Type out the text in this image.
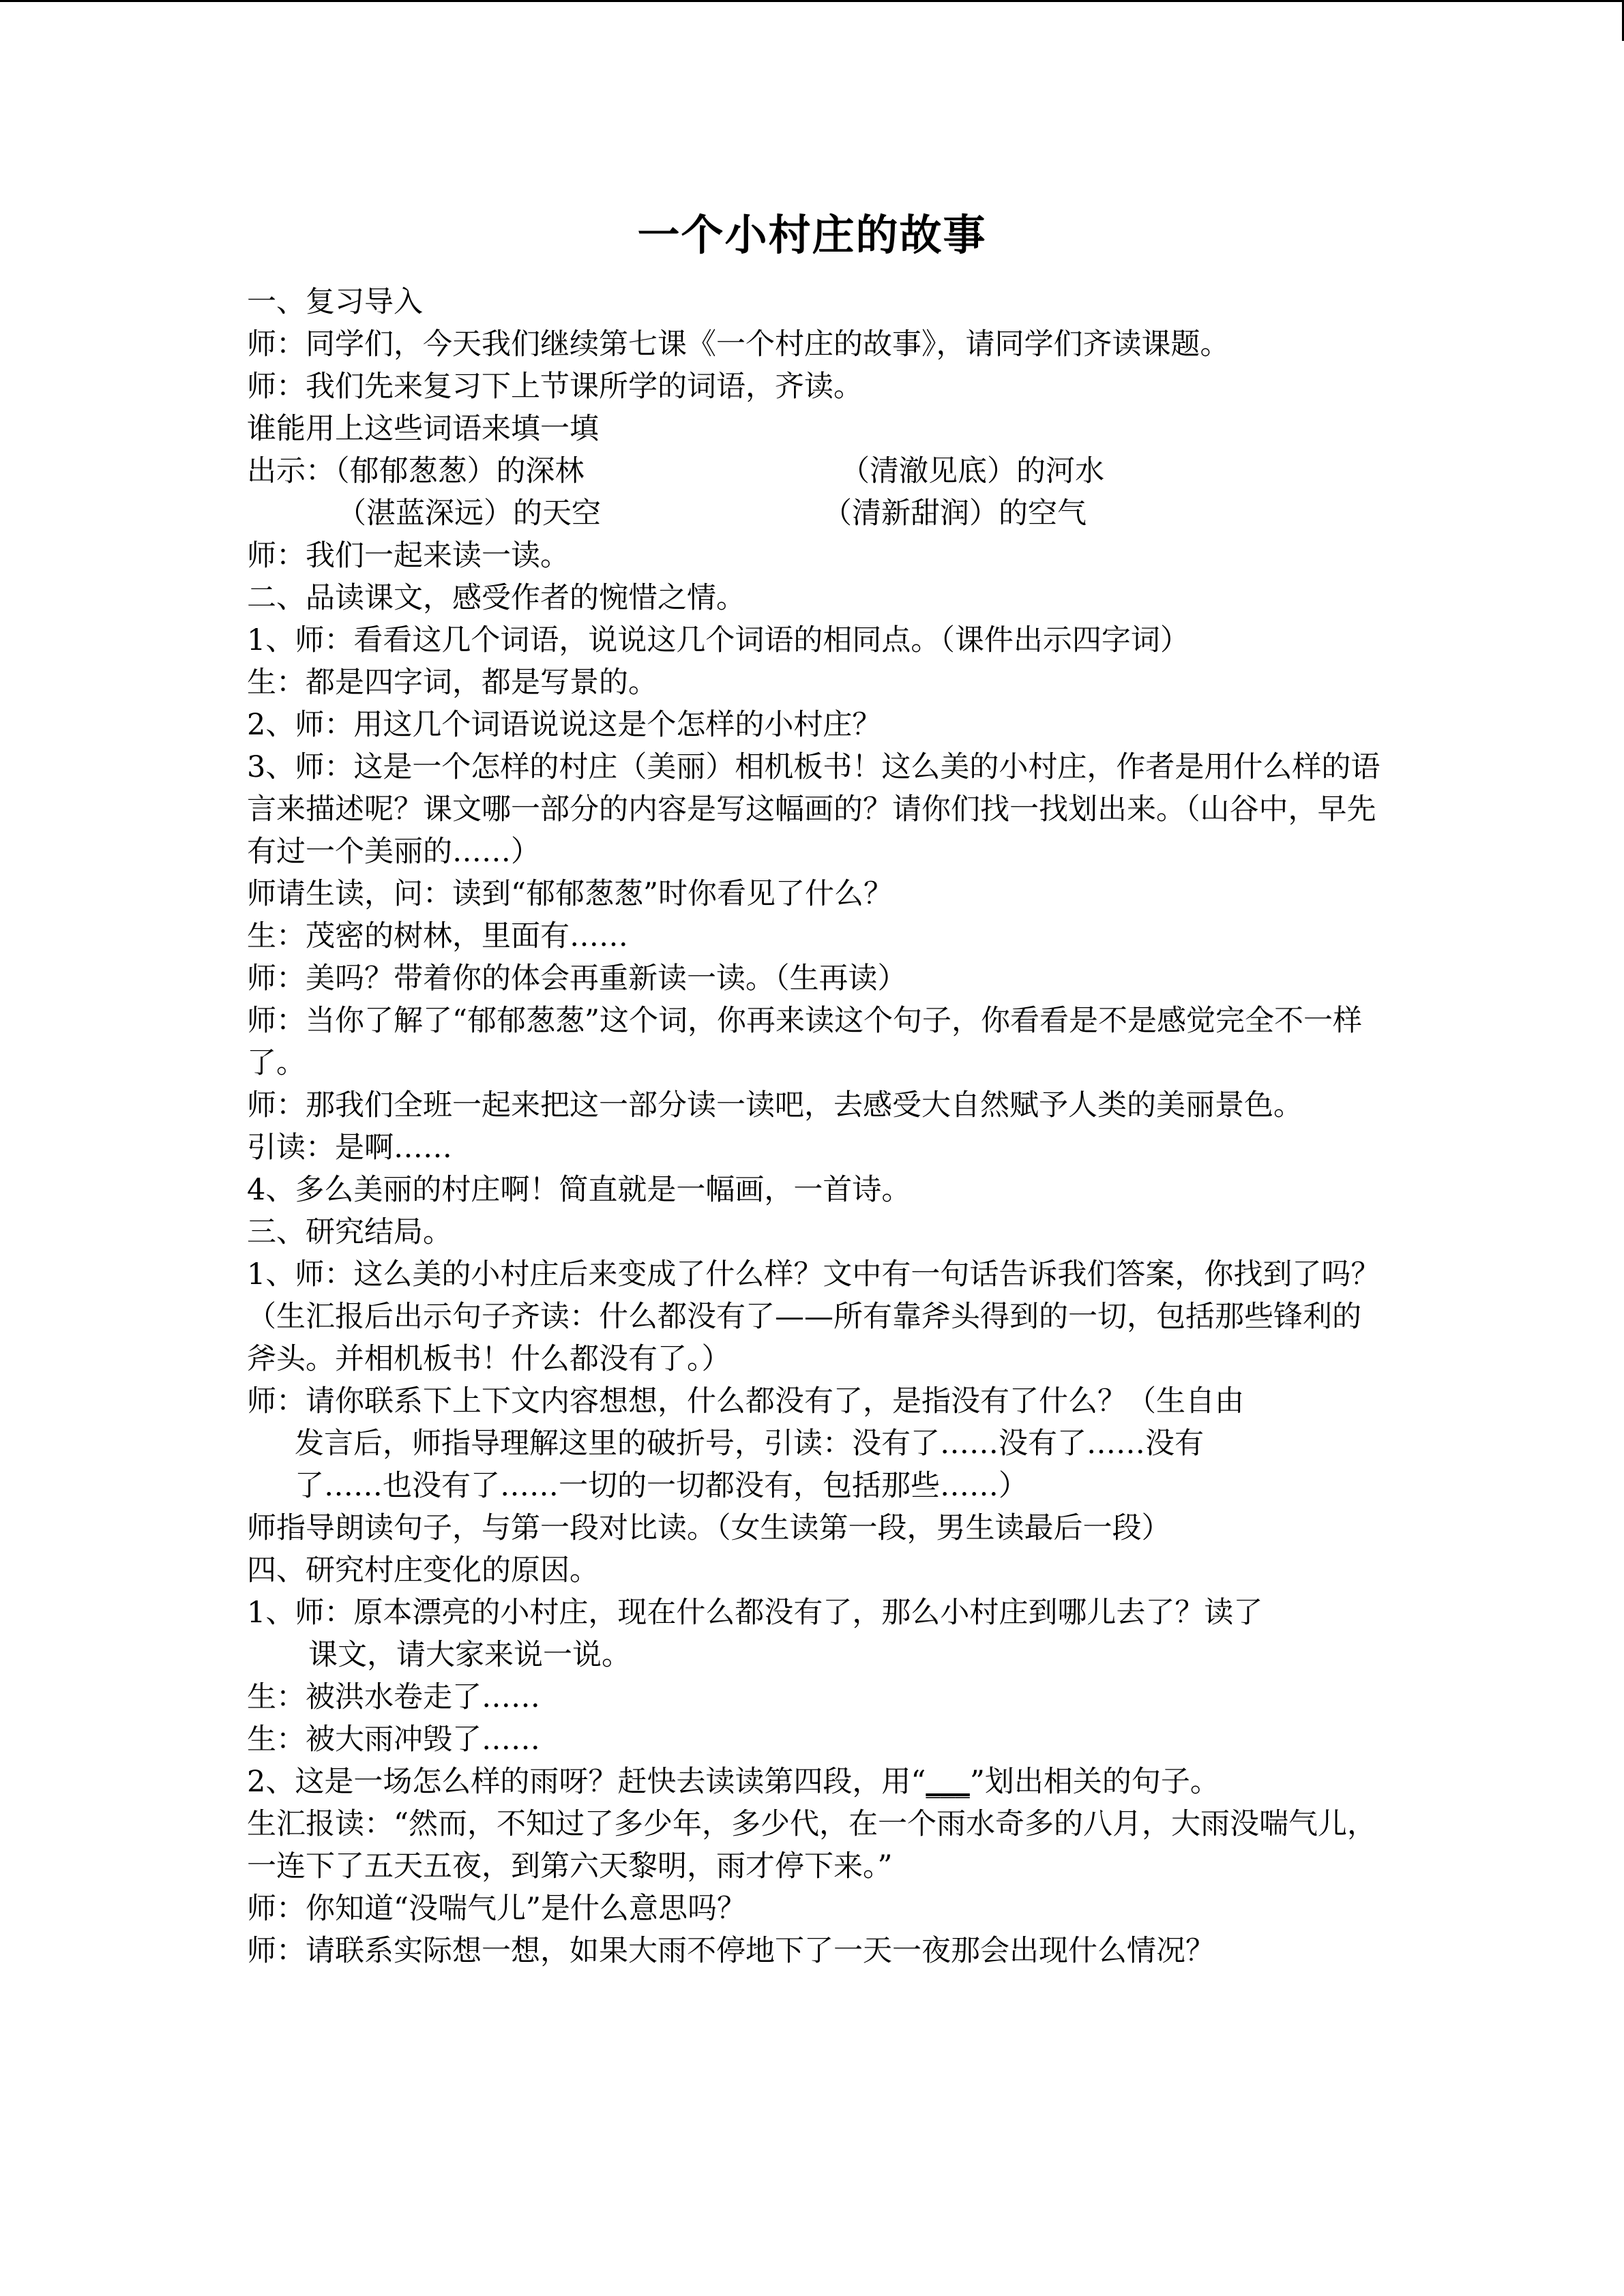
一个小村庄的故事

一、复习导入

师：同学们，今天我们继续第七课《一个村庄的故事》，请同学们齐读课题。

师：我们先来复习下上节课所学的词语，齐读。

谁能用上这些词语来填一填

出示：（郁郁葱葱）的深林	（清澈见底）的河水
（湛蓝深远）的天空	（清新甜润）的空气

师：我们一起来读一读。

二、品读课文，感受作者的惋惜之情。

1、师：看看这几个词语，说说这几个词语的相同点。（课件出示四字词）

生：都是四字词，都是写景的。

2、师：用这几个词语说说这是个怎样的小村庄？

3、师：这是一个怎样的村庄（美丽）相机板书！这么美的小村庄，作者是用什么样的语言来描述呢？课文哪一部分的内容是写这幅画的？请你们找一找划出来。（山谷中，早先有过一个美丽的……）

师请生读，问：读到“郁郁葱葱”时你看见了什么？

生：茂密的树林，里面有……

师：美吗？带着你的体会再重新读一读。（生再读）

师：当你了解了“郁郁葱葱”这个词，你再来读这个句子，你看看是不是感觉完全不一样了。

师：那我们全班一起来把这一部分读一读吧，去感受大自然赋予人类的美丽景色。

引读：是啊……

4、多么美丽的村庄啊！简直就是一幅画，一首诗。

三、研究结局。

1、师：这么美的小村庄后来变成了什么样？文中有一句话告诉我们答案，你找到了吗？

（生汇报后出示句子齐读：什么都没有了——所有靠斧头得到的一切，包括那些锋利的斧头。并相机板书！什么都没有了。）

师：请你联系下上下文内容想想，什么都没有了，是指没有了什么？（生自由

发言后，师指导理解这里的破折号，引读：没有了……没有了……没有

了……也没有了……一切的一切都没有，包括那些……）

师指导朗读句子，与第一段对比读。（女生读第一段，男生读最后一段）

四、研究村庄变化的原因。

1、师：原本漂亮的小村庄，现在什么都没有了，那么小村庄到哪儿去了？读了

课文，请大家来说一说。

生：被洪水卷走了……

生：被大雨冲毁了……

2、这是一场怎么样的雨呀？赶快去读读第四段，用“___”划出相关的句子。

生汇报读：“然而，不知过了多少年，多少代，在一个雨水奇多的八月，大雨没喘气儿，一连下了五天五夜，到第六天黎明，雨才停下来。”

师：你知道“没喘气儿”是什么意思吗？

师：请联系实际想一想，如果大雨不停地下了一天一夜那会出现什么情况？
